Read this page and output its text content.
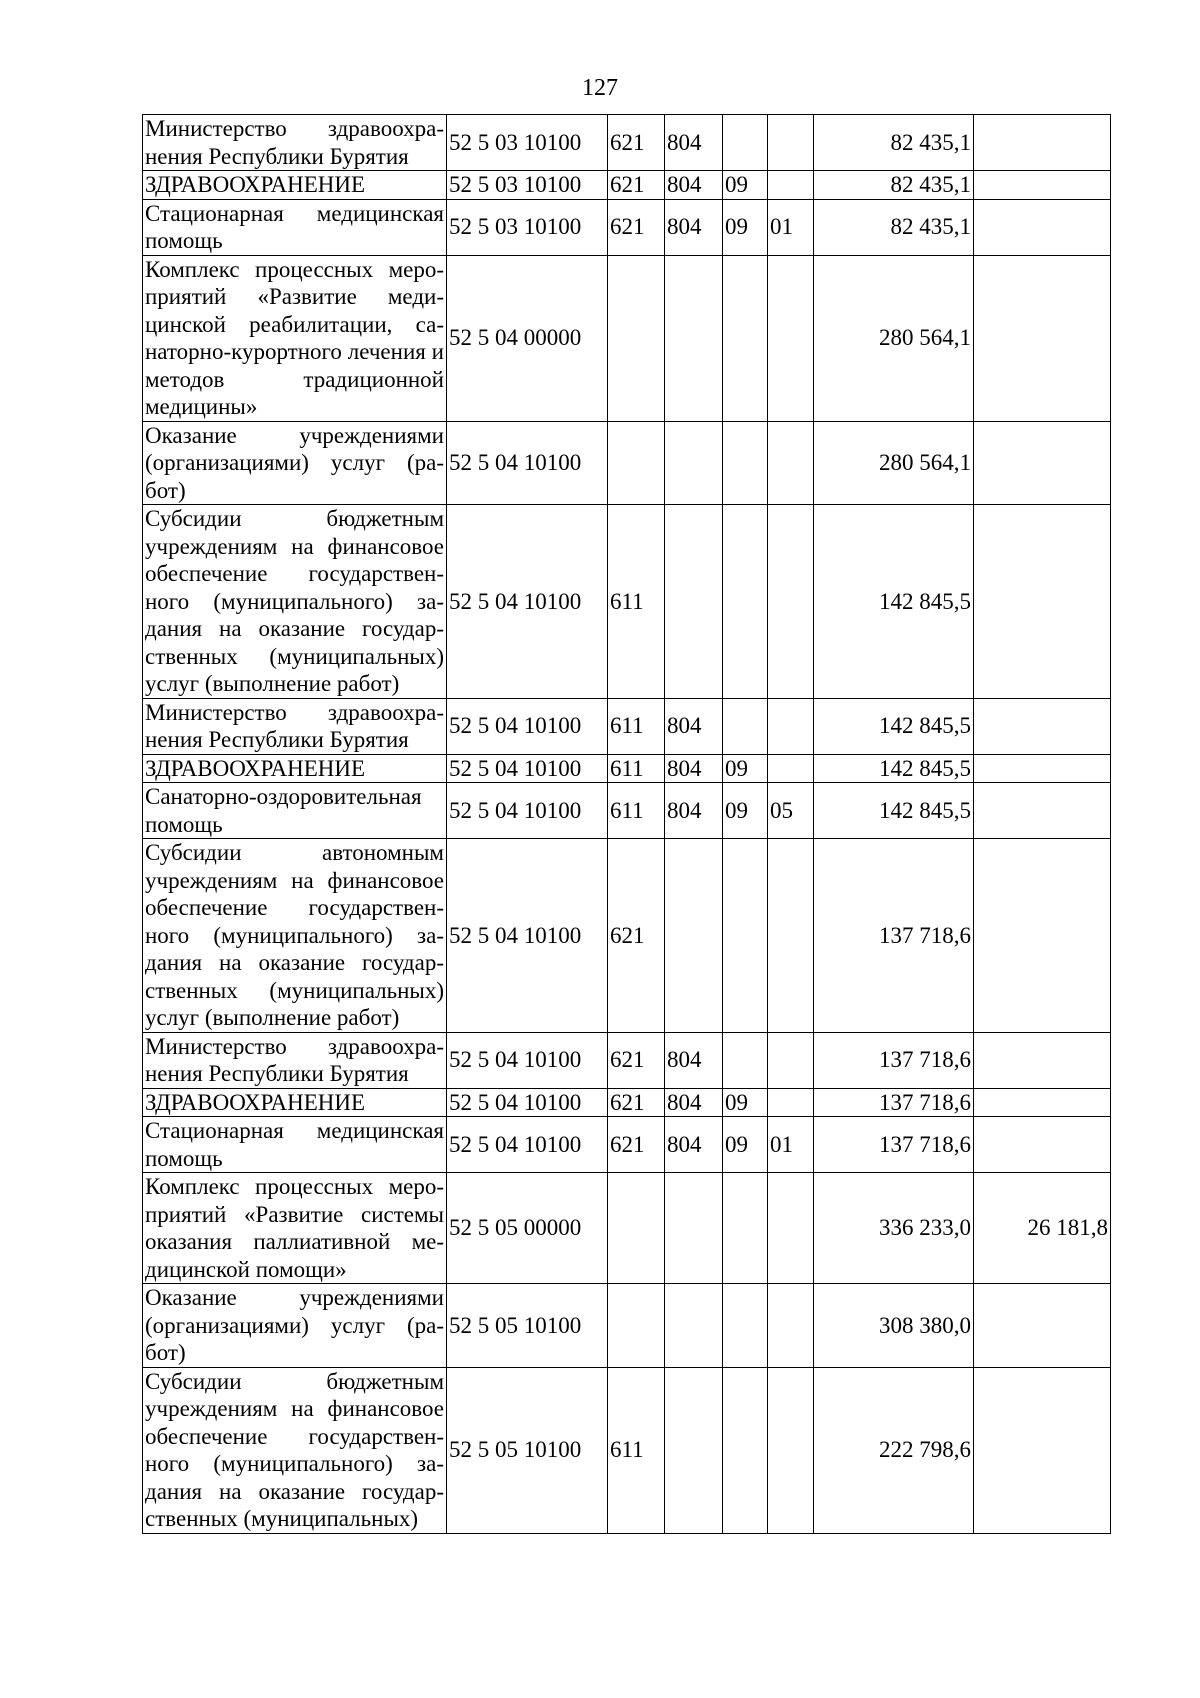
127
Министерство здравоохра-нения Республики Бурятия	52 5 03 10100	621	804			82 435,1	
ЗДРАВООХРАНЕНИЕ	52 5 03 10100	621	804	09		82 435,1	
Стационарная медицинская помощь	52 5 03 10100	621	804	09	01	82 435,1	
Комплекс процессных меро-приятий «Развитие меди-цинской реабилитации, са-наторно-курортного лечения и методов традиционной медицины»	52 5 04 00000					280 564,1	
Оказание учреждениями (организациями) услуг (ра-бот)	52 5 04 10100					280 564,1	
Субсидии бюджетным учреждениям на финансовое обеспечение государствен-ного (муниципального) за-дания на оказание государ-ственных (муниципальных) услуг (выполнение работ)	52 5 04 10100	611				142 845,5	
Министерство здравоохра-нения Республики Бурятия	52 5 04 10100	611	804			142 845,5	
ЗДРАВООХРАНЕНИЕ	52 5 04 10100	611	804	09		142 845,5	
Санаторно-оздоровительная помощь	52 5 04 10100	611	804	09	05	142 845,5	
Субсидии автономным учреждениям на финансовое обеспечение государствен-ного (муниципального) за-дания на оказание государ-ственных (муниципальных) услуг (выполнение работ)	52 5 04 10100	621				137 718,6	
Министерство здравоохра-нения Республики Бурятия	52 5 04 10100	621	804			137 718,6	
ЗДРАВООХРАНЕНИЕ	52 5 04 10100	621	804	09		137 718,6	
Стационарная медицинская помощь	52 5 04 10100	621	804	09	01	137 718,6	
Комплекс процессных меро-приятий «Развитие системы оказания паллиативной ме-дицинской помощи»	52 5 05 00000					336 233,0	26 181,8
Оказание учреждениями (организациями) услуг (ра-бот)	52 5 05 10100					308 380,0	
Субсидии бюджетным учреждениям на финансовое обеспечение государствен-ного (муниципального) за-дания на оказание государ-ственных (муниципальных)	52 5 05 10100	611				222 798,6	
